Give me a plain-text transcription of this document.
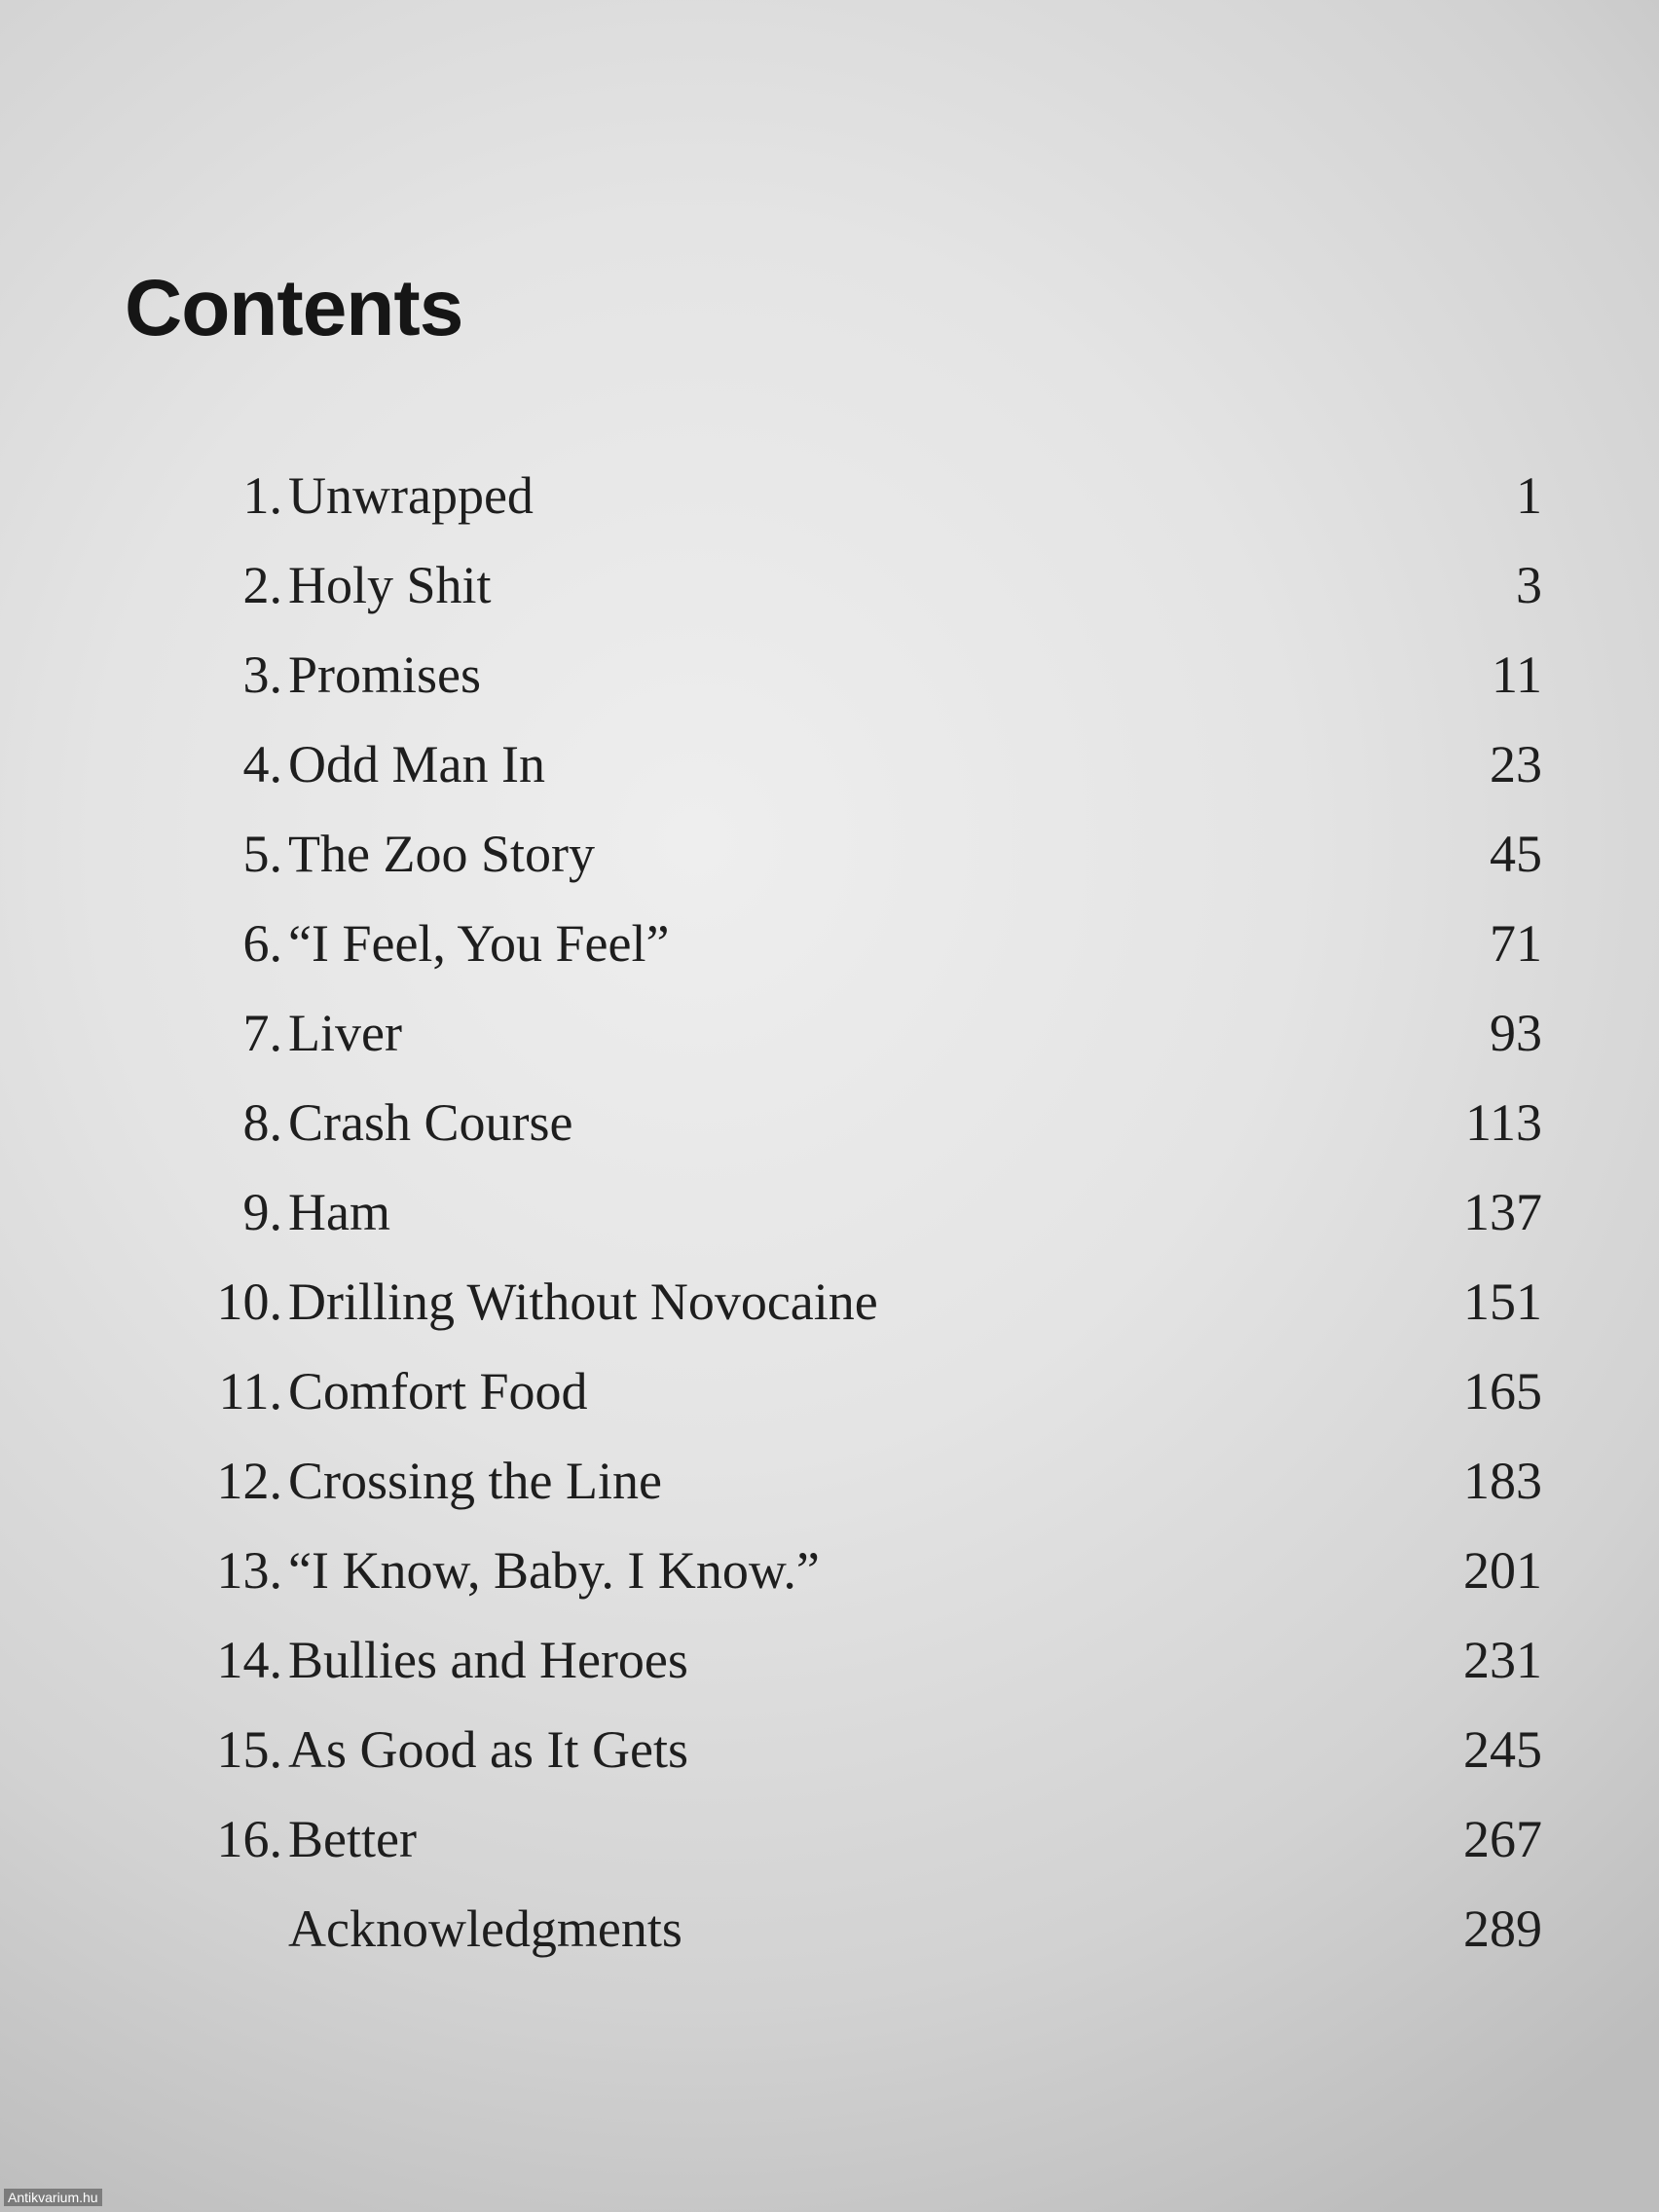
Contents
1. Unwrapped	1
2. Holy Shit	3
3. Promises	11
4. Odd Man In	23
5. The Zoo Story	45
6. “I Feel, You Feel”	71
7. Liver	93
8. Crash Course	113
9. Ham	137
10. Drilling Without Novocaine	151
11. Comfort Food	165
12. Crossing the Line	183
13. “I Know, Baby. I Know.”	201
14. Bullies and Heroes	231
15. As Good as It Gets	245
16. Better	267
Acknowledgments	289
Antikvarium.hu
